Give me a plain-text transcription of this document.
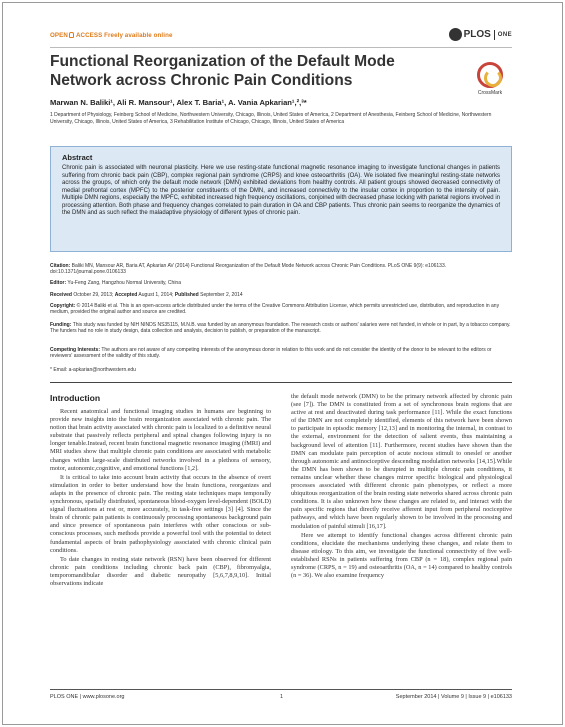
OPEN ACCESS Freely available online	PLOS ONE
Functional Reorganization of the Default Mode Network across Chronic Pain Conditions
CrossMark
Marwan N. Baliki¹, Ali R. Mansour¹, Alex T. Baria¹, A. Vania Apkarian¹,²,³*
1 Department of Physiology, Feinberg School of Medicine, Northwestern University, Chicago, Illinois, United States of America, 2 Department of Anesthesia, Feinberg School of Medicine, Northwestern University, Chicago, Illinois, United States of America, 3 Rehabilitation Institute of Chicago, Chicago, Illinois, United States of America
Abstract
Chronic pain is associated with neuronal plasticity. Here we use resting-state functional magnetic resonance imaging to investigate functional changes in patients suffering from chronic back pain (CBP), complex regional pain syndrome (CRPS) and knee osteoarthritis (OA). We isolated five meaningful resting-state networks across the groups, of which only the default mode network (DMN) exhibited deviations from healthy controls. All patient groups showed decreased connectivity of medial prefrontal cortex (MPFC) to the posterior constituents of the DMN, and increased connectivity to the insular cortex in proportion to the intensity of pain. Multiple DMN regions, especially the MPFC, exhibited increased high frequency oscillations, conjoined with decreased phase locking with parietal regions involved in processing attention. Both phase and frequency changes correlated to pain duration in OA and CBP patients. Thus chronic pain seems to reorganize the dynamics of the DMN and as such reflect the maladaptive physiology of different types of chronic pain.
Citation: Baliki MN, Mansour AR, Baria AT, Apkarian AV (2014) Functional Reorganization of the Default Mode Network across Chronic Pain Conditions. PLoS ONE 9(9): e106133. doi:10.1371/journal.pone.0106133
Editor: Yu-Feng Zang, Hangzhou Normal University, China
Received October 29, 2013; Accepted August 1, 2014; Published September 2, 2014
Copyright: © 2014 Baliki et al. This is an open-access article distributed under the terms of the Creative Commons Attribution License, which permits unrestricted use, distribution, and reproduction in any medium, provided the original author and source are credited.
Funding: This study was funded by NIH NINDS NS35115, M.N.B. was funded by an anonymous foundation. The research costs or authors' salaries were not funded, in whole or in part, by a tobacco company. The funders had no role in study design, data collection and analysis, decision to publish, or preparation of the manuscript.
Competing Interests: The authors are not aware of any competing interests of the anonymous donor in relation to this work and do not consider the identity of the donor to be relevant to the editors or reviewers' assessment of the validity of this study.
* Email: a-apkarian@northwestern.edu
Introduction

Recent anatomical and functional imaging studies in humans are beginning to provide new insights into the brain reorganization associated with chronic pain. The notion that brain activity associated with chronic pain is localized to a definitive neural substrate that passively reflects peripheral and spinal changes following injury is no longer tenable.Instead, recent brain functional magnetic resonance imaging (fMRI) and MRI studies show that multiple chronic pain conditions are associated with metabolic changes within large-scale distributed networks involved in a plethora of sensory, motor, autonomic,cognitive, and emotional functions [1,2].

It is critical to take into account brain activity that occurs in the absence of overt stimulation in order to better understand how the brain functions, reorganizes and adapts in the presence of chronic pain. The resting state techniques maps temporally synchronous, spatially distributed, spontaneous blood-oxygen level-dependent (BOLD) signal fluctuations at rest or, more accurately, in task-free settings [3] [4]. Since the brain of chronic pain patients is continuously processing spontaneous background pain and since presence of spontaneous pain interferes with other conscious or sub-conscious processes, such methods provide a powerful tool with the potential to detect fundamental aspects of brain pathophysiology associated with chronic clinical pain conditions.

To date changes in resting state network (RSN) have been observed for different chronic pain conditions including chronic back pain (CBP), fibromyalgia, temporomandibular disorder and diabetic neuropathy [5,6,7,8,9,10]. Initial observations indicate

the default mode network (DMN) to be the primary network affected by chronic pain (see [7]). The DMN is constituted from a set of synchronous brain regions that are active at rest and deactivated during task performance [11]. While the exact functions of the DMN are not completely identified, elements of this network have been shown to participate in episodic memory [12,13] and in monitoring the internal, in contrast to the external, environment for the detection of salient events, thus maintaining a background level of attention [11]. Furthermore, recent studies have shown than the DMN can modulate pain perception of acute nocious stimuli to oneslef or another through autonomic and antinociceptive descending modulation networks [14,15].While the DMN has been shown to be disrupted in multiple chronic pain conditions, it remains unclear whether these changes mirror specific biological and physiological processes associated with different chronic pain phenotypes, or reflect a more ubiquitous reorganization of the brain resting state networks shared across chronic pain conditions. It is also unknown how these changes are related to, and interact with the pain specific regions that directly receive afferent input from peripheral nociceptive pathways, and which have been regularly shown to be involved in the processing and modulation of painful stimuli [16,17].

Here we attempt to identify functional changes across different chronic pain conditions, elucidate the mechanisms underlying these changes, and relate them to disease etiology. To this aim, we investigate the functional connectivity of five well-established RSNs in patients suffering from CBP (n = 18), complex regional pain syndrome (CRPS, n = 19) and osteoarthritis (OA, n = 14) compared to healthy controls (n = 36). We also examine frequency

PLOS ONE | www.plosone.org	1	September 2014 | Volume 9 | Issue 9 | e106133
